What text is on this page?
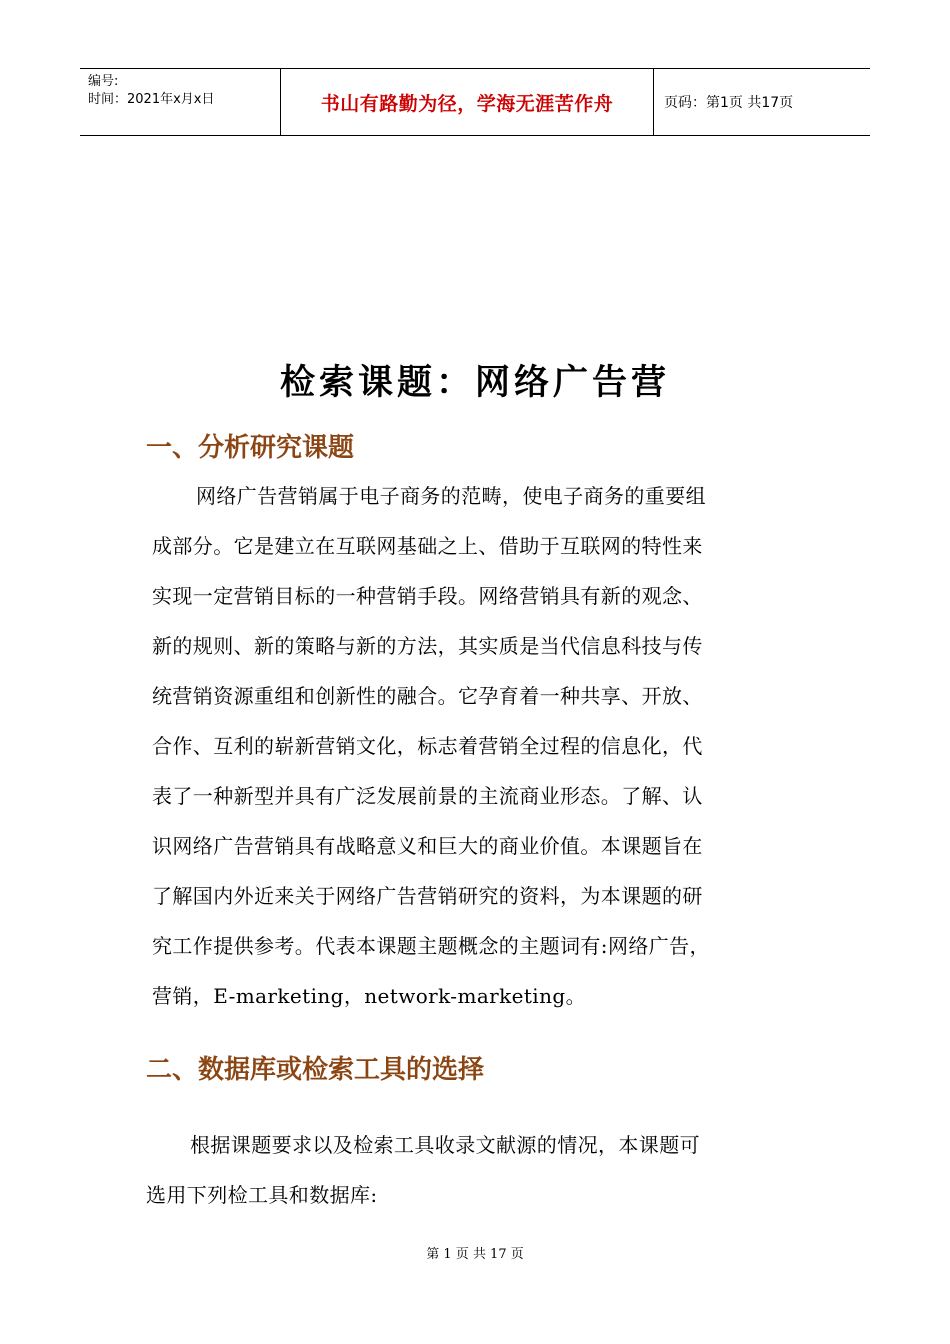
编号:
时间：2021年x月x日	书山有路勤为径，学海无涯苦作舟	页码：第1页 共17页
检索课题：网络广告营
一、分析研究课题
网络广告营销属于电子商务的范畴，使电子商务的重要组
成部分。它是建立在互联网基础之上、借助于互联网的特性来
实现一定营销目标的一种营销手段。网络营销具有新的观念、
新的规则、新的策略与新的方法，其实质是当代信息科技与传
统营销资源重组和创新性的融合。它孕育着一种共享、开放、
合作、互利的崭新营销文化，标志着营销全过程的信息化，代
表了一种新型并具有广泛发展前景的主流商业形态。了解、认
识网络广告营销具有战略意义和巨大的商业价值。本课题旨在
了解国内外近来关于网络广告营销研究的资料，为本课题的研
究工作提供参考。代表本课题主题概念的主题词有:网络广告，
营销，E-marketing，network-marketing。
二、数据库或检索工具的选择
根据课题要求以及检索工具收录文献源的情况，本课题可
选用下列检工具和数据库:
第 1 页 共 17 页
